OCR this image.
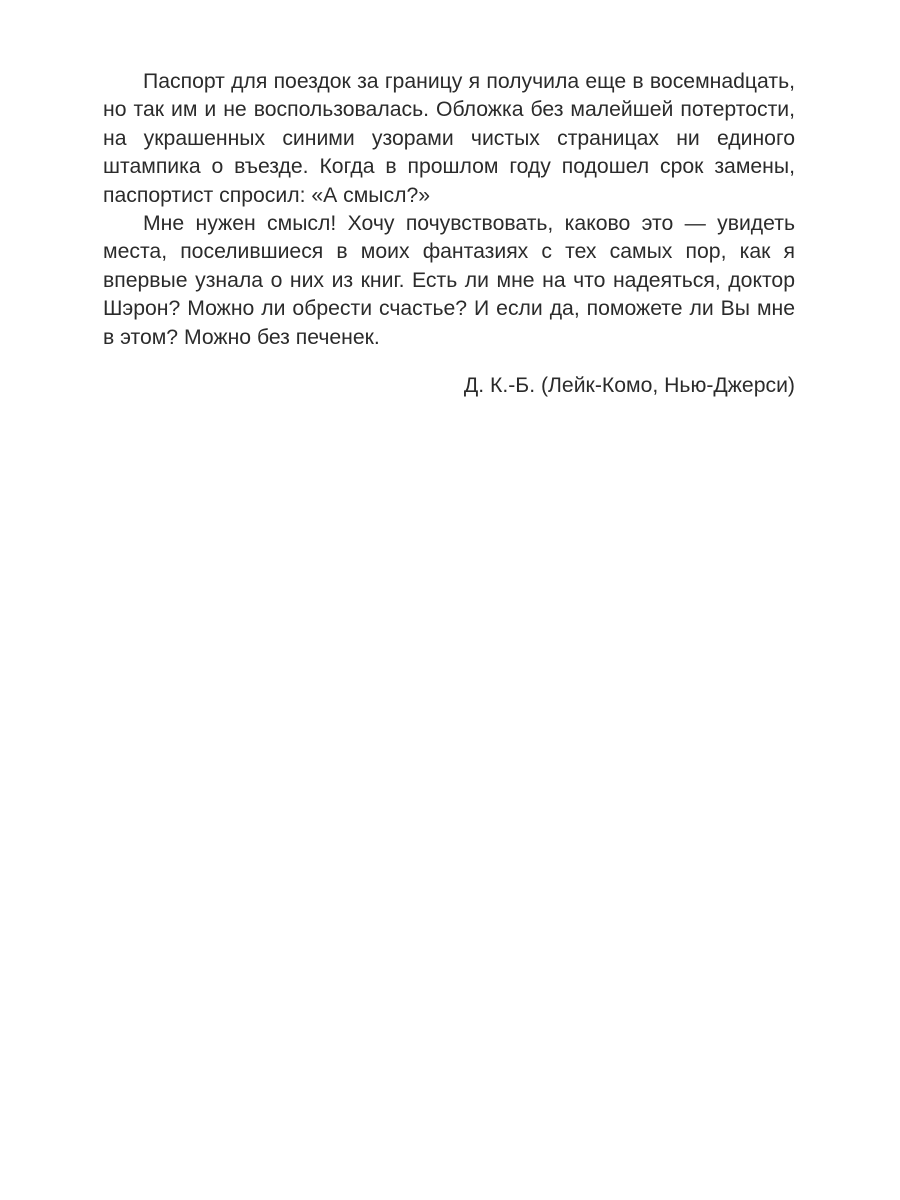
Паспорт для поездок за границу я получила еще в восемнаdцать, но так им и не воспользовалась. Обложка без малейшей потертости, на украшенных синими узорами чистых страницах ни единого штампика о въезде. Когда в прошлом году подошел срок замены, паспортист спросил: «А смысл?»

Мне нужен смысл! Хочу почувствовать, каково это — увидеть места, поселившиеся в моих фантазиях с тех самых пор, как я впервые узнала о них из книг. Есть ли мне на что надеяться, доктор Шэрон? Можно ли обрести счастье? И если да, поможете ли Вы мне в этом? Можно без печенек.

Д. К.-Б. (Лейк-Комо, Нью-Джерси)
